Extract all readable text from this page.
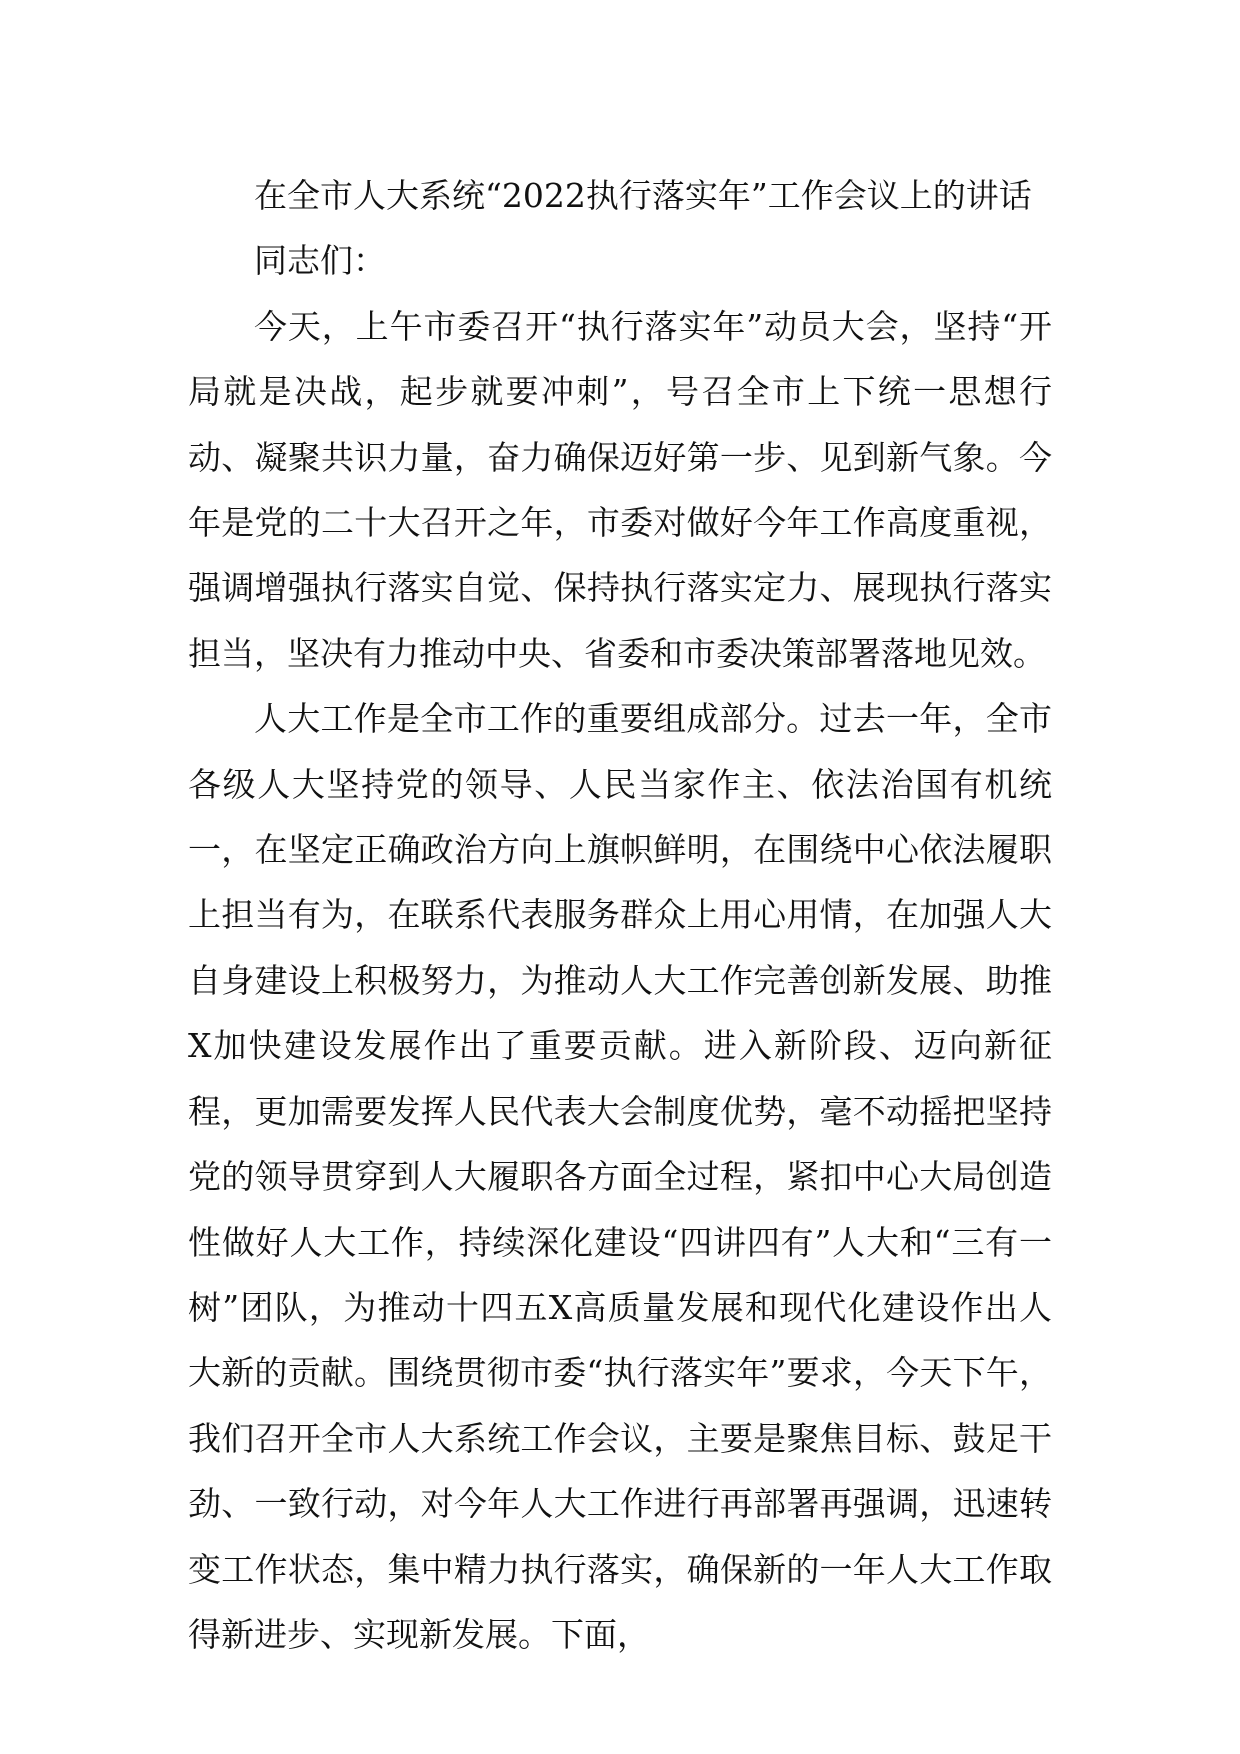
在全市人大系统“2022执行落实年”工作会议上的讲话

同志们：

今天，上午市委召开“执行落实年”动员大会，坚持“开局就是决战，起步就要冲刺”，号召全市上下统一思想行动、凝聚共识力量，奋力确保迈好第一步、见到新气象。今年是党的二十大召开之年，市委对做好今年工作高度重视，强调增强执行落实自觉、保持执行落实定力、展现执行落实担当，坚决有力推动中央、省委和市委决策部署落地见效。

人大工作是全市工作的重要组成部分。过去一年，全市各级人大坚持党的领导、人民当家作主、依法治国有机统一，在坚定正确政治方向上旗帜鲜明，在围绕中心依法履职上担当有为，在联系代表服务群众上用心用情，在加强人大自身建设上积极努力，为推动人大工作完善创新发展、助推X加快建设发展作出了重要贡献。进入新阶段、迈向新征程，更加需要发挥人民代表大会制度优势，毫不动摇把坚持党的领导贯穿到人大履职各方面全过程，紧扣中心大局创造性做好人大工作，持续深化建设“四讲四有”人大和“三有一树”团队，为推动十四五X高质量发展和现代化建设作出人大新的贡献。围绕贯彻市委“执行落实年”要求，今天下午，我们召开全市人大系统工作会议，主要是聚焦目标、鼓足干劲、一致行动，对今年人大工作进行再部署再强调，迅速转变工作状态，集中精力执行落实，确保新的一年人大工作取得新进步、实现新发展。下面，
